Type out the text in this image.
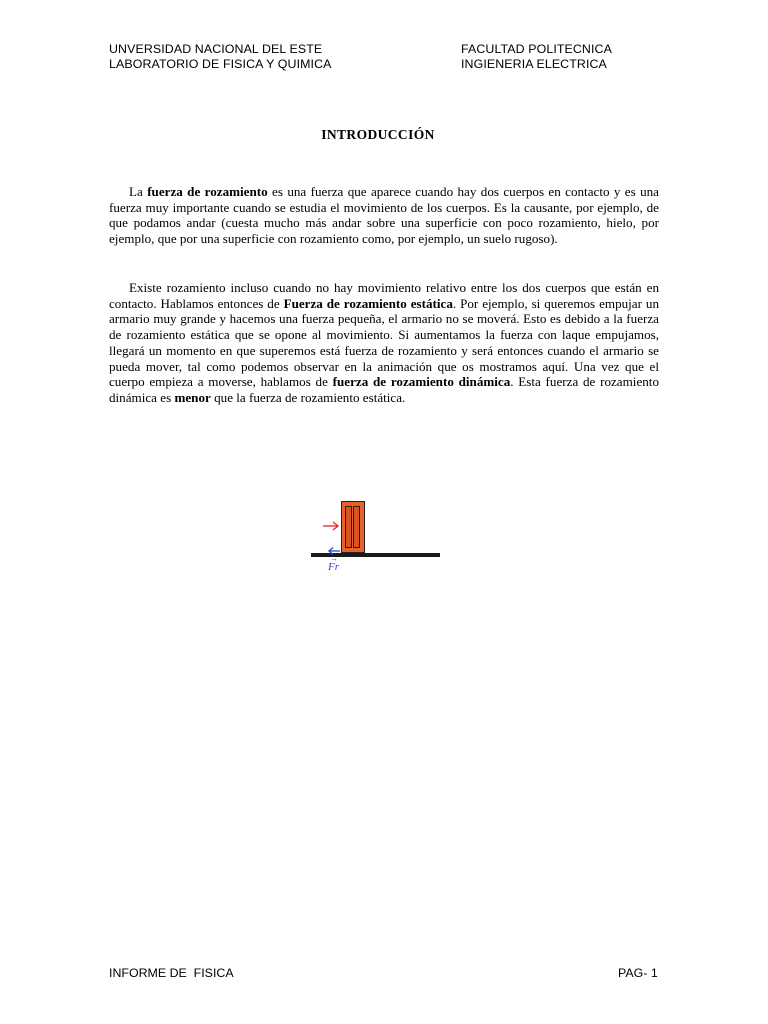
UNVERSIDAD NACIONAL DEL ESTE
LABORATORIO DE FISICA Y QUIMICA
FACULTAD POLITECNICA
INGIENERIA ELECTRICA
INTRODUCCIÓN

La fuerza de rozamiento es una fuerza que aparece cuando hay dos cuerpos en contacto y es una fuerza muy importante cuando se estudia el movimiento de los cuerpos. Es la causante, por ejemplo, de que podamos andar (cuesta mucho más andar sobre una superficie con poco rozamiento, hielo, por ejemplo, que por una superficie con rozamiento como, por ejemplo, un suelo rugoso).

Existe rozamiento incluso cuando no hay movimiento relativo entre los dos cuerpos que están en contacto. Hablamos entonces de Fuerza de rozamiento estática. Por ejemplo, si queremos empujar un armario muy grande y hacemos una fuerza pequeña, el armario no se moverá. Esto es debido a la fuerza de rozamiento estática que se opone al movimiento. Si aumentamos la fuerza con laque empujamos, llegará un momento en que superemos está fuerza de rozamiento y será entonces cuando el armario se pueda mover, tal como podemos observar en la animación que os mostramos aquí. Una vez que el cuerpo empieza a moverse, hablamos de fuerza de rozamiento dinámica. Esta fuerza de rozamiento dinámica es menor que la fuerza de rozamiento estática.

→
Fr
INFORME DE  FISICA	PAG- 1
